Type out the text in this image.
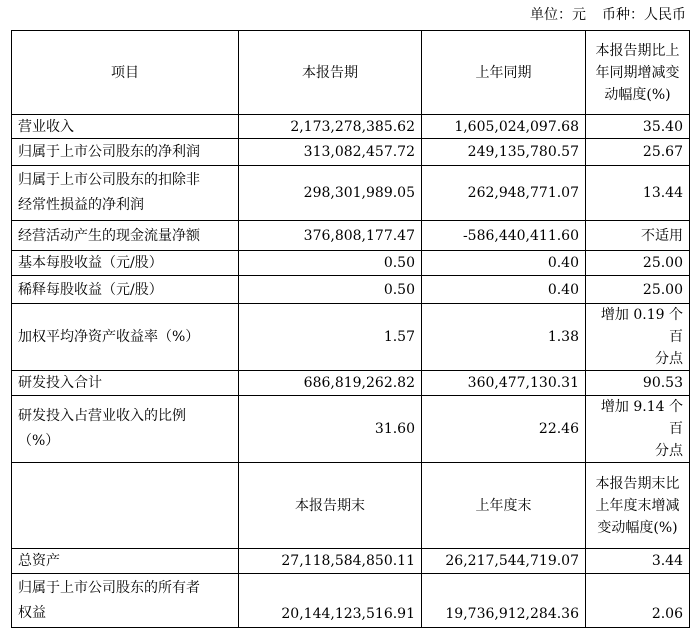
单位：元 币种：人民币
项目	本报告期	上年同期	本报告期比上
年同期增减变
动幅度(%)

营业收入	2,173,278,385.62	1,605,024,097.68	35.40
归属于上市公司股东的净利润	313,082,457.72	249,135,780.57	25.67

归属于上市公司股东的扣除非
经常性损益的净利润	298,301,989.05	262,948,771.07	13.44
经营活动产生的现金流量净额	376,808,177.47	-586,440,411.60	不适用
基本每股收益（元/股）	0.50	0.40	25.00
稀释每股收益（元/股）	0.50	0.40	25.00
加权平均净资产收益率（%）	1.57	1.38	增加 0.19 个百
分点

研发投入合计	686,819,262.82	360,477,130.31	90.53

研发投入占营业收入的比例
（%）	31.60	22.46	增加 9.14 个百
分点

	本报告期末	上年度末	本报告期末比
上年度末增减
变动幅度(%)

总资产	27,118,584,850.11	26,217,544,719.07	3.44

归属于上市公司股东的所有者
权益	20,144,123,516.91	19,736,912,284.36	2.06
